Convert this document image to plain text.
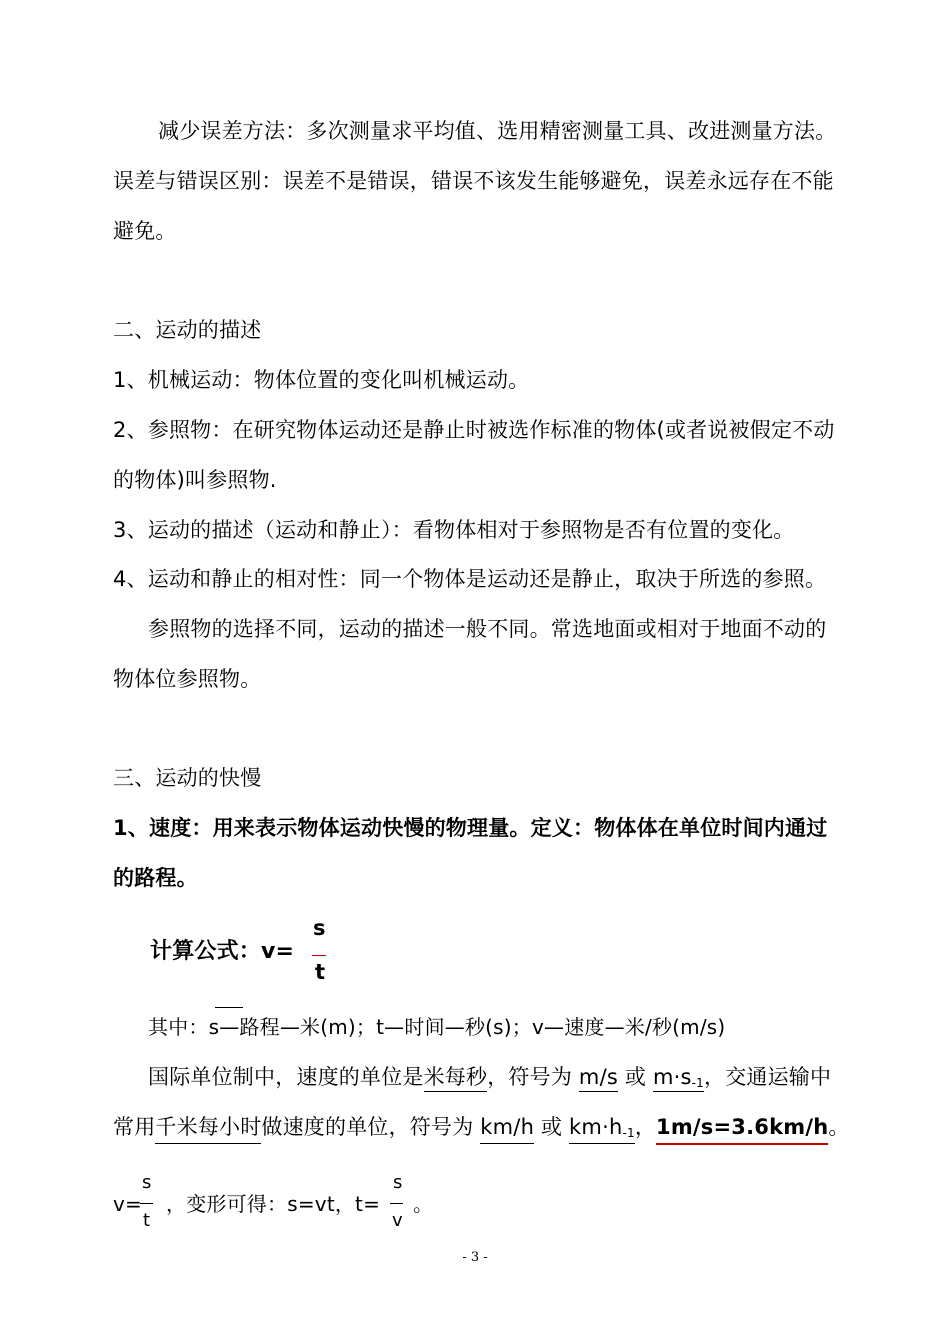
减少误差方法：多次测量求平均值、选用精密测量工具、改进测量方法。
误差与错误区别：误差不是错误，错误不该发生能够避免，误差永远存在不能
避免。
二、运动的描述
1、机械运动：物体位置的变化叫机械运动。
2、参照物：在研究物体运动还是静止时被选作标准的物体(或者说被假定不动
的物体)叫参照物.
3、运动的描述（运动和静止）：看物体相对于参照物是否有位置的变化。
4、运动和静止的相对性：同一个物体是运动还是静止，取决于所选的参照。
参照物的选择不同，运动的描述一般不同。常选地面或相对于地面不动的
物体位参照物。
三、运动的快慢
1、速度：用来表示物体运动快慢的物理量。定义：物体体在单位时间内通过
的路程。
计算公式：v=
s
t
其中：s—路程—米(m)；t—时间—秒(s)；v—速度—米/秒(m/s)
国际单位制中，速度的单位是米每秒，符号为 m/s 或 $m\cdot s_{-1}$，交通运输中
常用千米每小时做速度的单位，符号为 km/h 或 $km\cdot h_{-1}$，1m/s=3.6km/h。
v=
s
t
，变形可得：s=vt，t=
s
v
。
- 3 -
